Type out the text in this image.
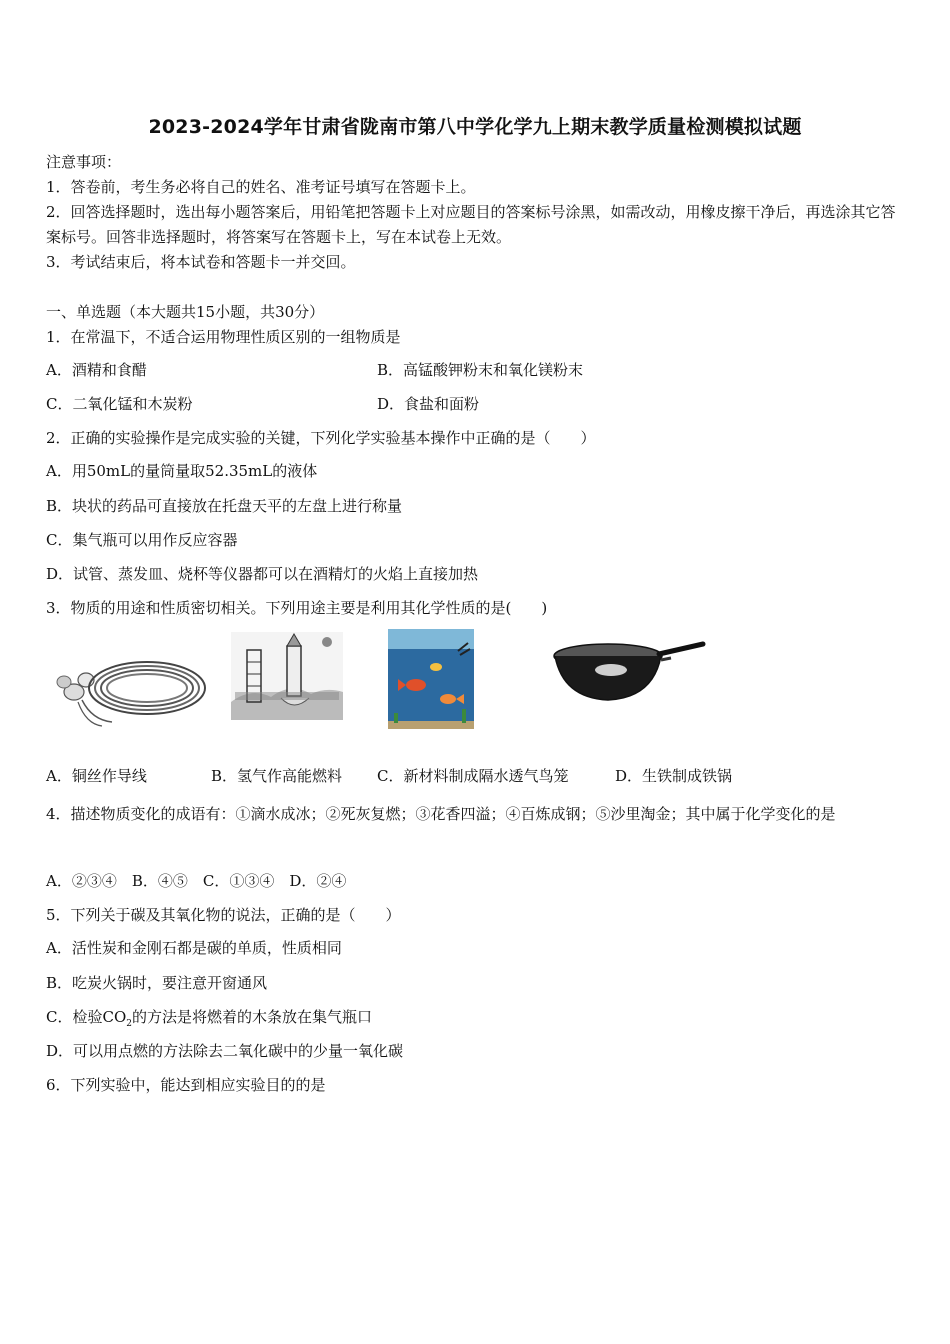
2023-2024学年甘肃省陇南市第八中学化学九上期末教学质量检测模拟试题
注意事项：
1．答卷前，考生务必将自己的姓名、准考证号填写在答题卡上。
2．回答选择题时，选出每小题答案后，用铅笔把答题卡上对应题目的答案标号涂黑，如需改动，用橡皮擦干净后，再选涂其它答案标号。回答非选择题时，将答案写在答题卡上，写在本试卷上无效。
3．考试结束后，将本试卷和答题卡一并交回。
一、单选题（本大题共15小题，共30分）
1．在常温下，不适合运用物理性质区别的一组物质是
A．酒精和食醋	B．高锰酸钾粉末和氧化镁粉末
C．二氧化锰和木炭粉	D．食盐和面粉
2．正确的实验操作是完成实验的关键，下列化学实验基本操作中正确的是（　　）
A．用50mL的量筒量取52.35mL的液体
B．块状的药品可直接放在托盘天平的左盘上进行称量
C．集气瓶可以用作反应容器
D．试管、蒸发皿、烧杯等仪器都可以在酒精灯的火焰上直接加热
3．物质的用途和性质密切相关。下列用途主要是利用其化学性质的是(　　)
A．铜丝作导线	B．氢气作高能燃料 C．新材料制成隔水透气鸟笼	D．生铁制成铁锅
4．描述物质变化的成语有：①滴水成冰；②死灰复燃；③花香四溢；④百炼成钢；⑤沙里淘金；其中属于化学变化的是
A．②③④　B．④⑤　C．①③④　D．②④
5．下列关于碳及其氧化物的说法，正确的是（　　）
A．活性炭和金刚石都是碳的单质，性质相同
B．吃炭火锅时，要注意开窗通风
C．检验$CO_2$的方法是将燃着的木条放在集气瓶口
D．可以用点燃的方法除去二氧化碳中的少量一氧化碳
6．下列实验中，能达到相应实验目的的是
